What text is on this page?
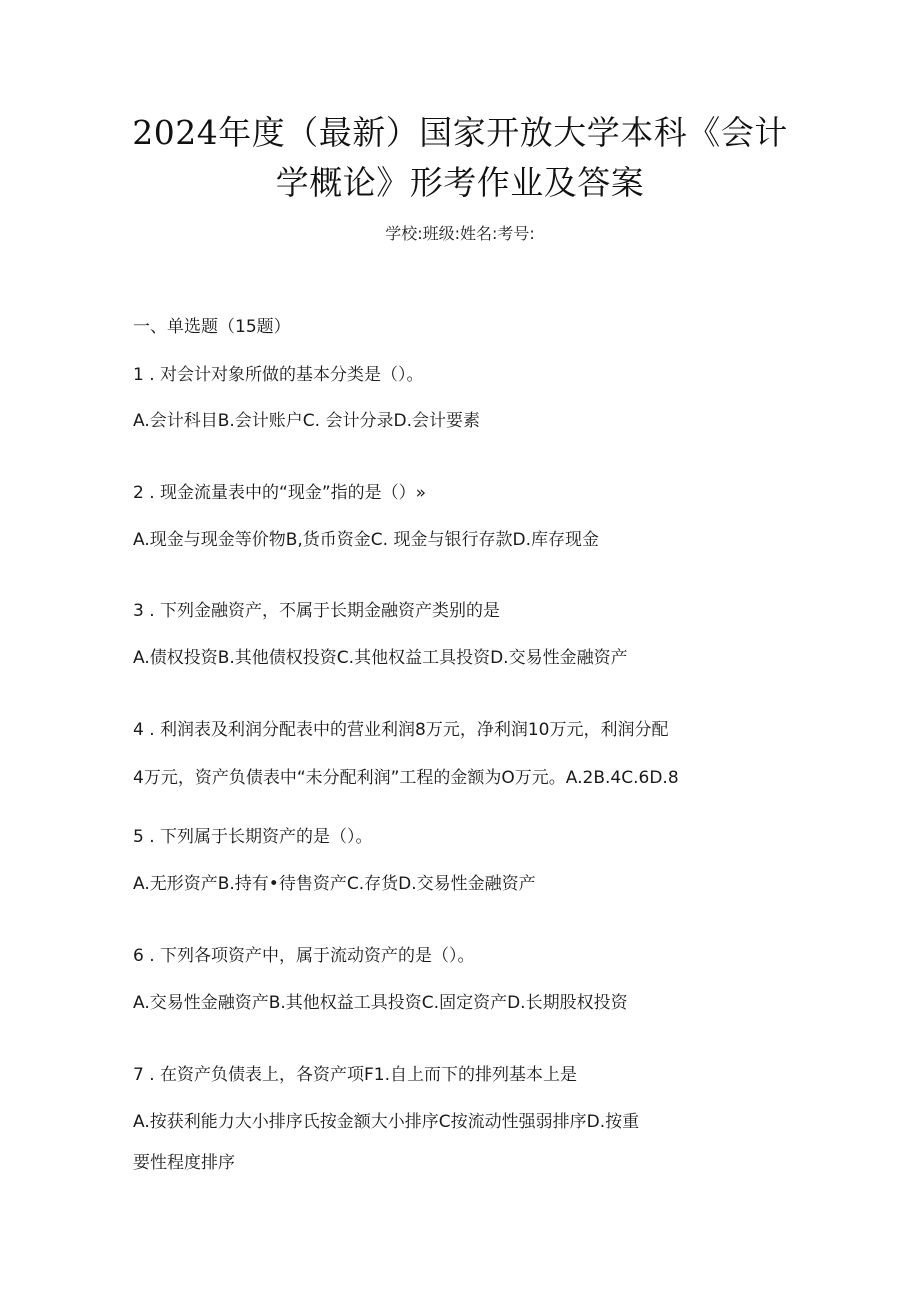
2024年度（最新）国家开放大学本科《会计
学概论》形考作业及答案
学校:班级:姓名:考号:
一、单选题（15题）
1 . 对会计对象所做的基本分类是（）。
A.会计科目B.会计账户C. 会计分录D.会计要素
2 . 现金流量表中的“现金”指的是（）»
A.现金与现金等价物B,货币资金C. 现金与银行存款D.库存现金
3 . 下列金融资产，不属于长期金融资产类别的是
A.债权投资B.其他债权投资C.其他权益工具投资D.交易性金融资产
4 . 利润表及利润分配表中的营业利润8万元，净利润10万元，利润分配
4万元，资产负债表中“未分配利润”工程的金额为O万元。A.2B.4C.6D.8
5 . 下列属于长期资产的是（）。
A.无形资产B.持有•待售资产C.存货D.交易性金融资产
6 . 下列各项资产中，属于流动资产的是（）。
A.交易性金融资产B.其他权益工具投资C.固定资产D.长期股权投资
7 . 在资产负债表上，各资产项F1.自上而下的排列基本上是
A.按获利能力大小排序氏按金额大小排序C按流动性强弱排序D.按重
要性程度排序
